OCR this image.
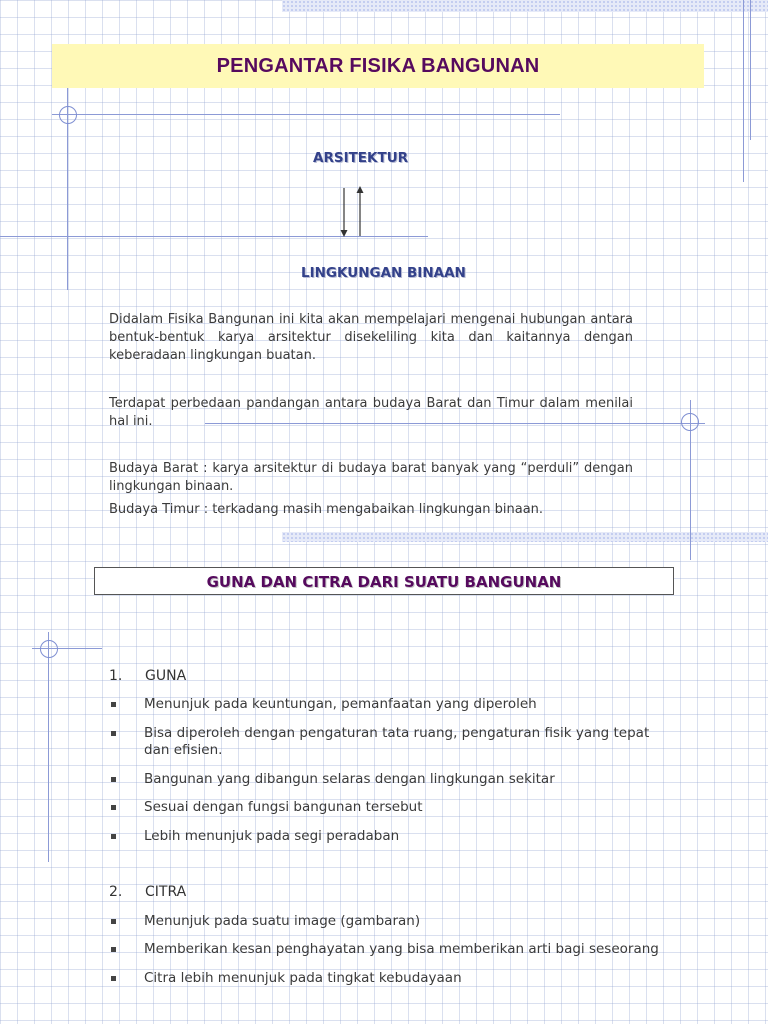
PENGANTAR FISIKA BANGUNAN
ARSITEKTUR
LINGKUNGAN BINAAN
Didalam Fisika Bangunan ini kita akan mempelajari mengenai hubungan antara bentuk-bentuk karya arsitektur disekeliling kita dan kaitannya dengan keberadaan lingkungan buatan.
Terdapat perbedaan pandangan antara budaya Barat dan Timur dalam menilai hal ini.
Budaya Barat : karya arsitektur di budaya barat banyak yang “perduli” dengan lingkungan binaan.
Budaya Timur : terkadang masih mengabaikan lingkungan binaan.
GUNA DAN CITRA DARI SUATU BANGUNAN
1. GUNA
Menunjuk pada keuntungan, pemanfaatan yang diperoleh
Bisa diperoleh dengan pengaturan tata ruang, pengaturan fisik yang tepat dan efisien.
Bangunan yang dibangun selaras dengan lingkungan sekitar
Sesuai dengan fungsi bangunan tersebut
Lebih menunjuk pada segi peradaban
2. CITRA
Menunjuk pada suatu image (gambaran)
Memberikan kesan penghayatan yang bisa memberikan arti bagi seseorang
Citra lebih menunjuk pada tingkat kebudayaan
